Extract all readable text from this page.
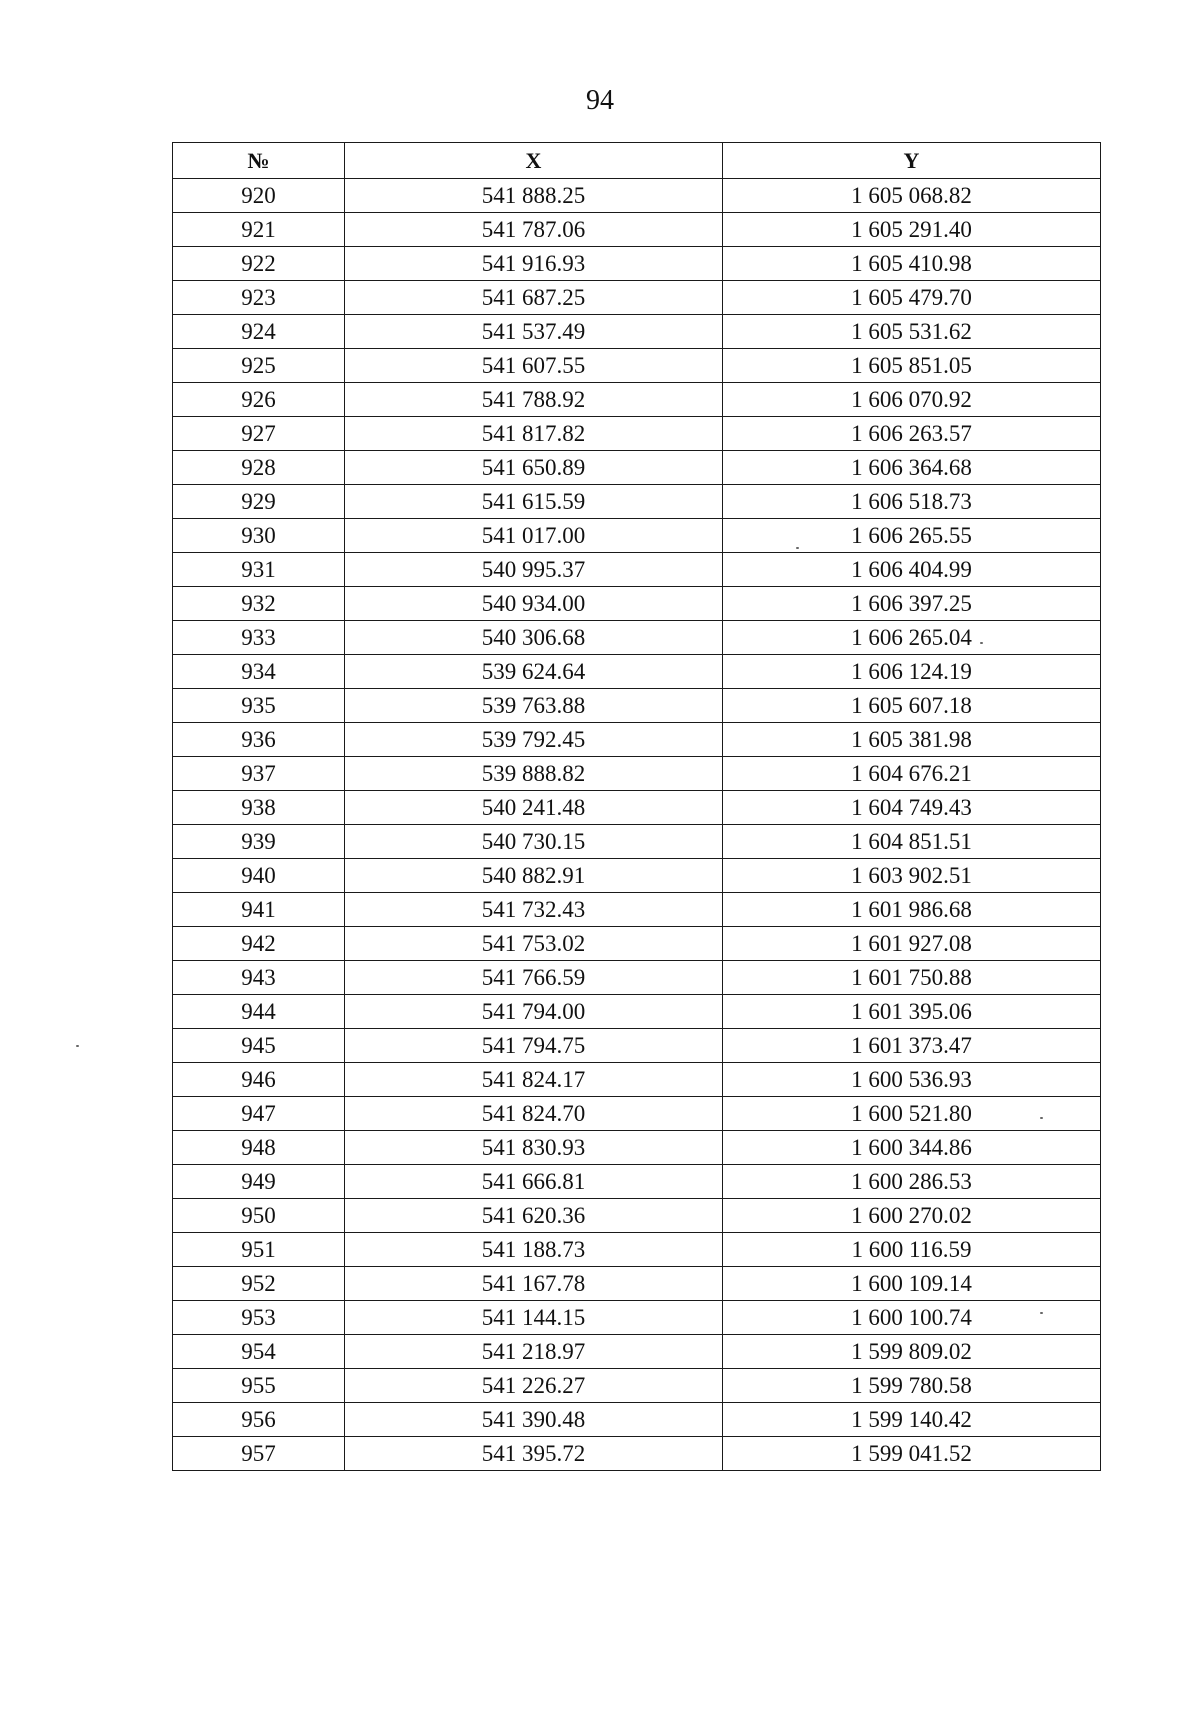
94
№	X	Y
920	541 888.25	1 605 068.82
921	541 787.06	1 605 291.40
922	541 916.93	1 605 410.98
923	541 687.25	1 605 479.70
924	541 537.49	1 605 531.62
925	541 607.55	1 605 851.05
926	541 788.92	1 606 070.92
927	541 817.82	1 606 263.57
928	541 650.89	1 606 364.68
929	541 615.59	1 606 518.73
930	541 017.00	1 606 265.55
931	540 995.37	1 606 404.99
932	540 934.00	1 606 397.25
933	540 306.68	1 606 265.04
934	539 624.64	1 606 124.19
935	539 763.88	1 605 607.18
936	539 792.45	1 605 381.98
937	539 888.82	1 604 676.21
938	540 241.48	1 604 749.43
939	540 730.15	1 604 851.51
940	540 882.91	1 603 902.51
941	541 732.43	1 601 986.68
942	541 753.02	1 601 927.08
943	541 766.59	1 601 750.88
944	541 794.00	1 601 395.06
945	541 794.75	1 601 373.47
946	541 824.17	1 600 536.93
947	541 824.70	1 600 521.80
948	541 830.93	1 600 344.86
949	541 666.81	1 600 286.53
950	541 620.36	1 600 270.02
951	541 188.73	1 600 116.59
952	541 167.78	1 600 109.14
953	541 144.15	1 600 100.74
954	541 218.97	1 599 809.02
955	541 226.27	1 599 780.58
956	541 390.48	1 599 140.42
957	541 395.72	1 599 041.52
